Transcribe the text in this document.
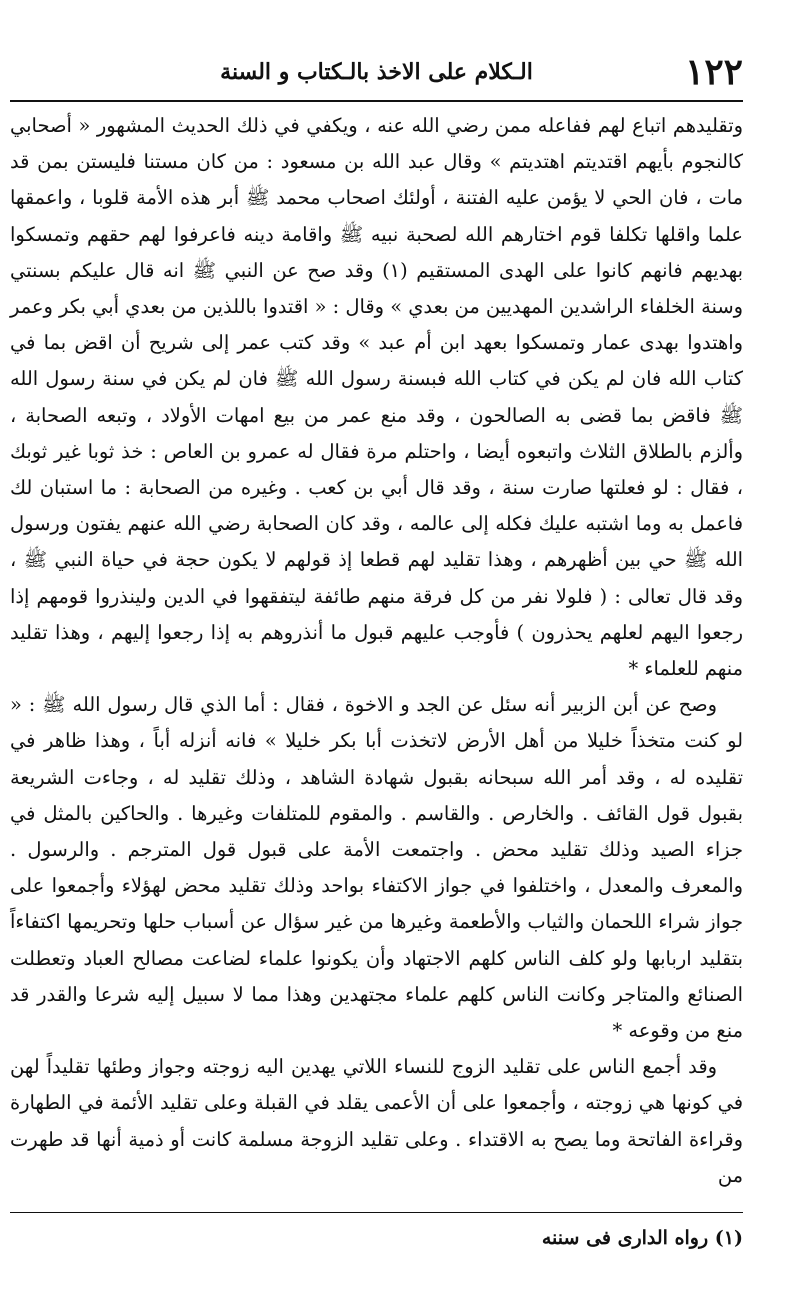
١٢٢
الـكلام على الاخذ بالـكتاب و السنة

وتقليدهم اتباع لهم ففاعله ممن رضي الله عنه ، ويكفي في ذلك الحديث المشهور « أصحابي كالنجوم بأيهم اقتديتم اهتديتم » وقال عبد الله بن مسعود : من كان مستنا فليستن بمن قد مات ، فان الحي لا يؤمن عليه الفتنة ، أولئك اصحاب محمد ﷺ أبر هذه الأمة قلوبا ، واعمقها علما واقلها تكلفا قوم اختارهم الله لصحبة نبيه ﷺ واقامة دينه فاعرفوا لهم حقهم وتمسكوا بهديهم فانهم كانوا على الهدى المستقيم (١) وقد صح عن النبي ﷺ انه قال عليكم بسنتي وسنة الخلفاء الراشدين المهديين من بعدي » وقال : « اقتدوا باللذين من بعدي أبي بكر وعمر واهتدوا بهدى عمار وتمسكوا بعهد ابن أم عبد » وقد كتب عمر إلى شريح أن اقض بما في كتاب الله فان لم يكن في كتاب الله فبسنة رسول الله ﷺ فان لم يكن في سنة رسول الله ﷺ فاقض بما قضى به الصالحون ، وقد منع عمر من بيع امهات الأولاد ، وتبعه الصحابة ، وألزم بالطلاق الثلاث واتبعوه أيضا ، واحتلم مرة فقال له عمرو بن العاص : خذ ثوبا غير ثوبك ، فقال : لو فعلتها صارت سنة ، وقد قال أبي بن كعب . وغيره من الصحابة : ما استبان لك فاعمل به وما اشتبه عليك فكله إلى عالمه ، وقد كان الصحابة رضي الله عنهم يفتون ورسول الله ﷺ حي بين أظهرهم ، وهذا تقليد لهم قطعا إذ قولهم لا يكون حجة في حياة النبي ﷺ ، وقد قال تعالى : ( فلولا نفر من كل فرقة منهم طائفة ليتفقهوا في الدين ولينذروا قومهم إذا رجعوا اليهم لعلهم يحذرون ) فأوجب عليهم قبول ما أنذروهم به إذا رجعوا إليهم ، وهذا تقليد منهم للعلماء *

وصح عن أبن الزبير أنه سئل عن الجد و الاخوة ، فقال : أما الذي قال رسول الله ﷺ : « لو كنت متخذاً خليلا من أهل الأرض لاتخذت أبا بكر خليلا » فانه أنزله أباً ، وهذا ظاهر في تقليده له ، وقد أمر الله سبحانه بقبول شهادة الشاهد ، وذلك تقليد له ، وجاءت الشريعة بقبول قول القائف . والخارص . والقاسم . والمقوم للمتلفات وغيرها . والحاكين بالمثل في جزاء الصيد وذلك تقليد محض . واجتمعت الأمة على قبول قول المترجم . والرسول . والمعرف والمعدل ، واختلفوا في جواز الاكتفاء بواحد وذلك تقليد محض لهؤلاء وأجمعوا على جواز شراء اللحمان والثياب والأطعمة وغيرها من غير سؤال عن أسباب حلها وتحريمها اكتفاءاً بتقليد اربابها ولو كلف الناس كلهم الاجتهاد وأن يكونوا علماء لضاعت مصالح العباد وتعطلت الصنائع والمتاجر وكانت الناس كلهم علماء مجتهدين وهذا مما لا سبيل إليه شرعا والقدر قد منع من وقوعه *

وقد أجمع الناس على تقليد الزوج للنساء اللاتي يهدين اليه زوجته وجواز وطئها تقليداً لهن في كونها هي زوجته ، وأجمعوا على أن الأعمى يقلد في القبلة وعلى تقليد الأئمة في الطهارة وقراءة الفاتحة وما يصح به الاقتداء . وعلى تقليد الزوجة مسلمة كانت أو ذمية أنها قد طهرت من

(١) رواه الدارى فى سننه
